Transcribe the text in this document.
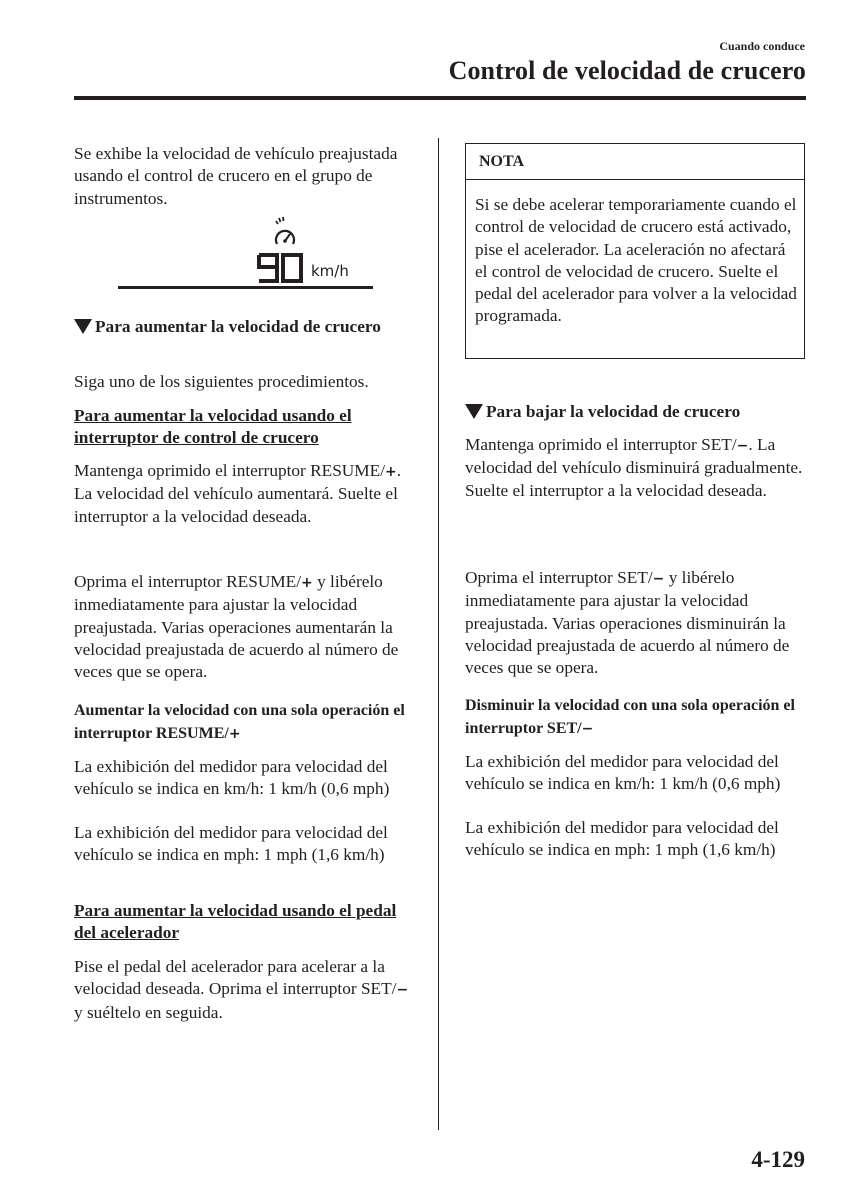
Cuando conduce
Control de velocidad de crucero

Se exhibe la velocidad de vehículo preajustada usando el control de crucero en el grupo de instrumentos.

km/h
Para aumentar la velocidad de crucero

Siga uno de los siguientes procedimientos.

Para aumentar la velocidad usando el interruptor de control de crucero

Mantenga oprimido el interruptor RESUME/+. La velocidad del vehículo aumentará. Suelte el interruptor a la velocidad deseada.

Oprima el interruptor RESUME/+ y libérelo inmediatamente para ajustar la velocidad preajustada. Varias operaciones aumentarán la velocidad preajustada de acuerdo al número de veces que se opera.

Aumentar la velocidad con una sola operación el interruptor RESUME/+

La exhibición del medidor para velocidad del vehículo se indica en km/h: 1 km/h (0,6 mph)

La exhibición del medidor para velocidad del vehículo se indica en mph: 1 mph (1,6 km/h)

Para aumentar la velocidad usando el pedal del acelerador

Pise el pedal del acelerador para acelerar a la velocidad deseada. Oprima el interruptor SET/− y suéltelo en seguida.

NOTA
Si se debe acelerar temporariamente cuando el control de velocidad de crucero está activado, pise el acelerador. La aceleración no afectará el control de velocidad de crucero. Suelte el pedal del acelerador para volver a la velocidad programada.
Para bajar la velocidad de crucero

Mantenga oprimido el interruptor SET/−. La velocidad del vehículo disminuirá gradualmente.
Suelte el interruptor a la velocidad deseada.

Oprima el interruptor SET/− y libérelo inmediatamente para ajustar la velocidad preajustada. Varias operaciones disminuirán la velocidad preajustada de acuerdo al número de veces que se opera.

Disminuir la velocidad con una sola operación el interruptor SET/−

La exhibición del medidor para velocidad del vehículo se indica en km/h: 1 km/h (0,6 mph)

La exhibición del medidor para velocidad del vehículo se indica en mph: 1 mph (1,6 km/h)

4-129
